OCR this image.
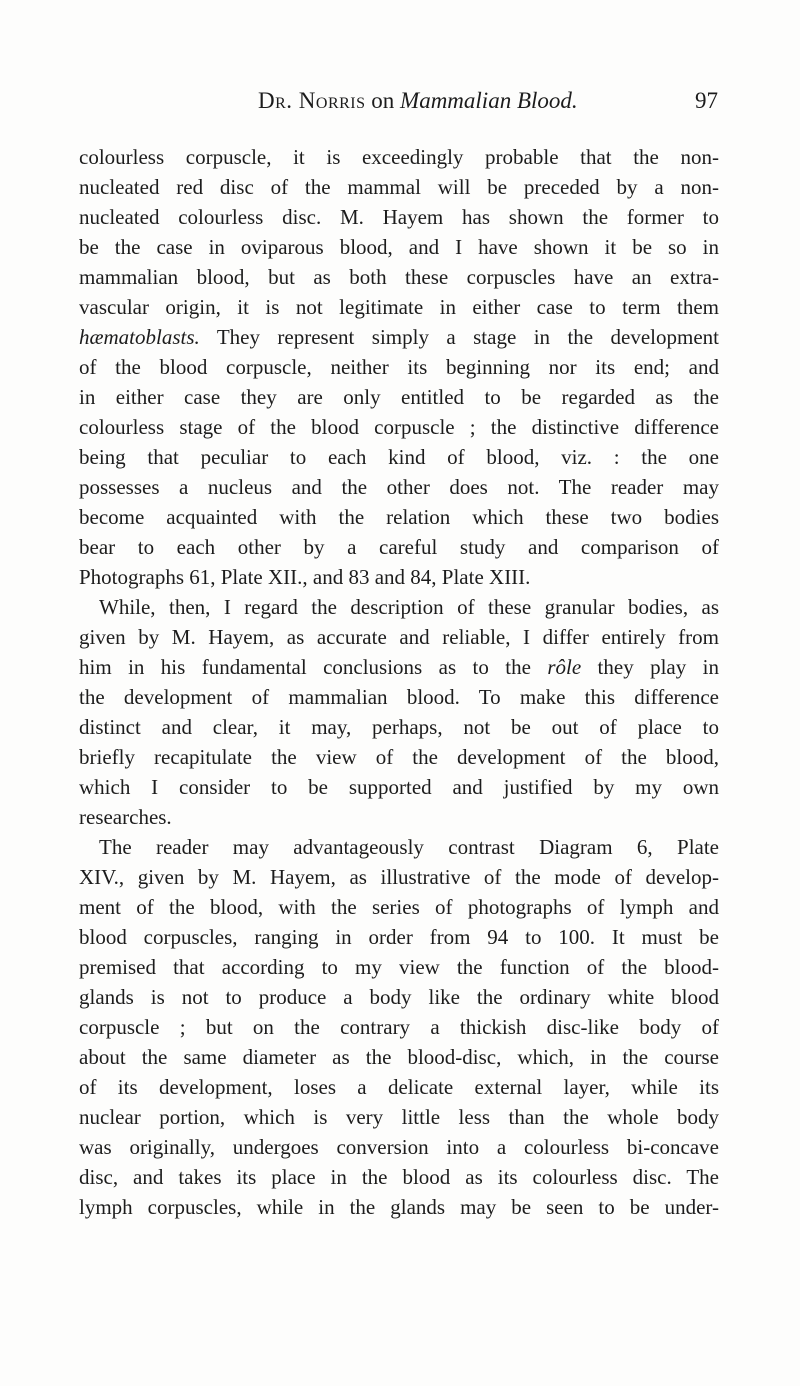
Dr. Norris on Mammalian Blood.	97
colourless corpuscle, it is exceedingly probable that the non-
nucleated red disc of the mammal will be preceded by a non-
nucleated colourless disc. M. Hayem has shown the former to
be the case in oviparous blood, and I have shown it be so in
mammalian blood, but as both these corpuscles have an extra-
vascular origin, it is not legitimate in either case to term them
hæmatoblasts. They represent simply a stage in the development
of the blood corpuscle, neither its beginning nor its end; and
in either case they are only entitled to be regarded as the
colourless stage of the blood corpuscle ; the distinctive difference
being that peculiar to each kind of blood, viz. : the one
possesses a nucleus and the other does not. The reader may
become acquainted with the relation which these two bodies
bear to each other by a careful study and comparison of
Photographs 61, Plate XII., and 83 and 84, Plate XIII.
While, then, I regard the description of these granular bodies, as
given by M. Hayem, as accurate and reliable, I differ entirely from
him in his fundamental conclusions as to the rôle they play in
the development of mammalian blood. To make this difference
distinct and clear, it may, perhaps, not be out of place to
briefly recapitulate the view of the development of the blood,
which I consider to be supported and justified by my own
researches.
The reader may advantageously contrast Diagram 6, Plate
XIV., given by M. Hayem, as illustrative of the mode of develop-
ment of the blood, with the series of photographs of lymph and
blood corpuscles, ranging in order from 94 to 100. It must be
premised that according to my view the function of the blood-
glands is not to produce a body like the ordinary white blood
corpuscle ; but on the contrary a thickish disc-like body of
about the same diameter as the blood-disc, which, in the course
of its development, loses a delicate external layer, while its
nuclear portion, which is very little less than the whole body
was originally, undergoes conversion into a colourless bi-concave
disc, and takes its place in the blood as its colourless disc. The
lymph corpuscles, while in the glands may be seen to be under-
